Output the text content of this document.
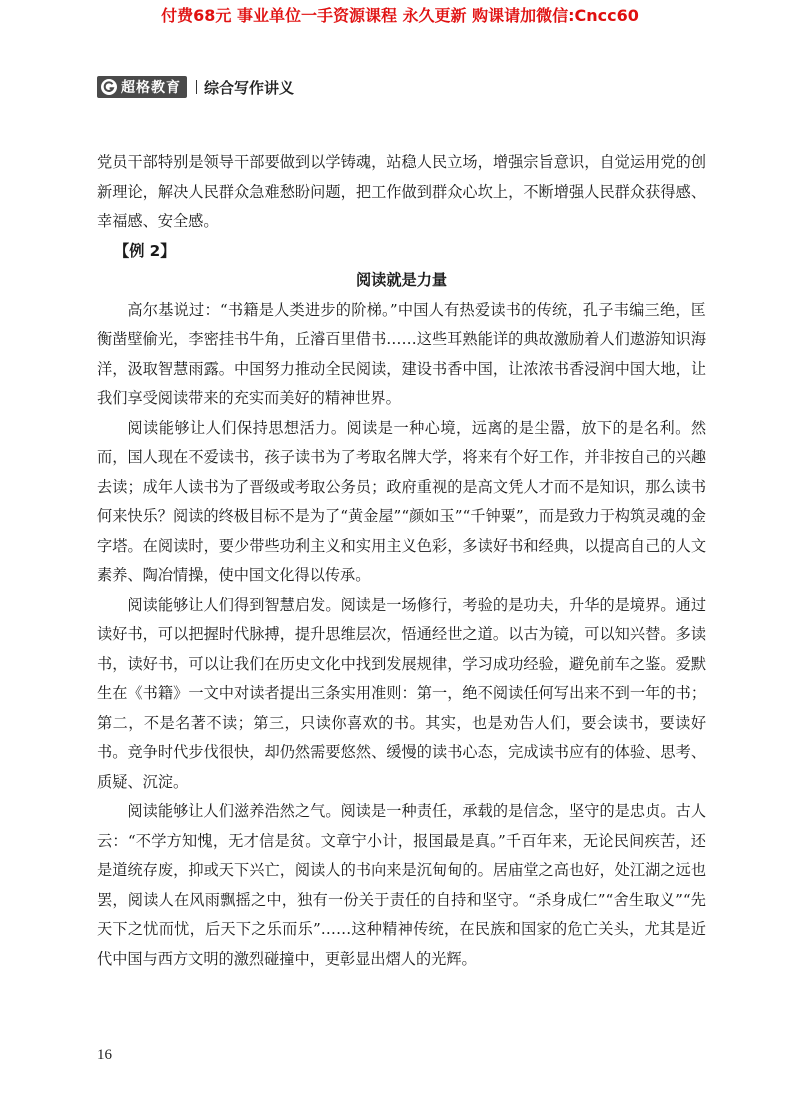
付费68元 事业单位一手资源课程 永久更新 购课请加微信:Cncc60
超格教育 综合写作讲义

党员干部特别是领导干部要做到以学铸魂，站稳人民立场，增强宗旨意识，自觉运用党的创新理论，解决人民群众急难愁盼问题，把工作做到群众心坎上，不断增强人民群众获得感、幸福感、安全感。

【例 2】

阅读就是力量

高尔基说过：“书籍是人类进步的阶梯。”中国人有热爱读书的传统，孔子韦编三绝，匡衡凿壁偷光，李密挂书牛角，丘濬百里借书……这些耳熟能详的典故激励着人们遨游知识海洋，汲取智慧雨露。中国努力推动全民阅读，建设书香中国，让浓浓书香浸润中国大地，让我们享受阅读带来的充实而美好的精神世界。

阅读能够让人们保持思想活力。阅读是一种心境，远离的是尘嚣，放下的是名利。然而，国人现在不爱读书，孩子读书为了考取名牌大学，将来有个好工作，并非按自己的兴趣去读；成年人读书为了晋级或考取公务员；政府重视的是高文凭人才而不是知识，那么读书何来快乐？阅读的终极目标不是为了“黄金屋”“颜如玉”“千钟粟”，而是致力于构筑灵魂的金字塔。在阅读时，要少带些功利主义和实用主义色彩，多读好书和经典，以提高自己的人文素养、陶冶情操，使中国文化得以传承。

阅读能够让人们得到智慧启发。阅读是一场修行，考验的是功夫，升华的是境界。通过读好书，可以把握时代脉搏，提升思维层次，悟通经世之道。以古为镜，可以知兴替。多读书，读好书，可以让我们在历史文化中找到发展规律，学习成功经验，避免前车之鉴。爱默生在《书籍》一文中对读者提出三条实用准则：第一，绝不阅读任何写出来不到一年的书；第二，不是名著不读；第三，只读你喜欢的书。其实，也是劝告人们，要会读书，要读好书。竞争时代步伐很快，却仍然需要悠然、缓慢的读书心态，完成读书应有的体验、思考、质疑、沉淀。

阅读能够让人们滋养浩然之气。阅读是一种责任，承载的是信念，坚守的是忠贞。古人云：“不学方知愧，无才信是贫。文章宁小计，报国最是真。”千百年来，无论民间疾苦，还是道统存废，抑或天下兴亡，阅读人的书向来是沉甸甸的。居庙堂之高也好，处江湖之远也罢，阅读人在风雨飘摇之中，独有一份关于责任的自持和坚守。“杀身成仁”“舍生取义”“先天下之忧而忧，后天下之乐而乐”……这种精神传统，在民族和国家的危亡关头，尤其是近代中国与西方文明的激烈碰撞中，更彰显出熠人的光辉。

16
